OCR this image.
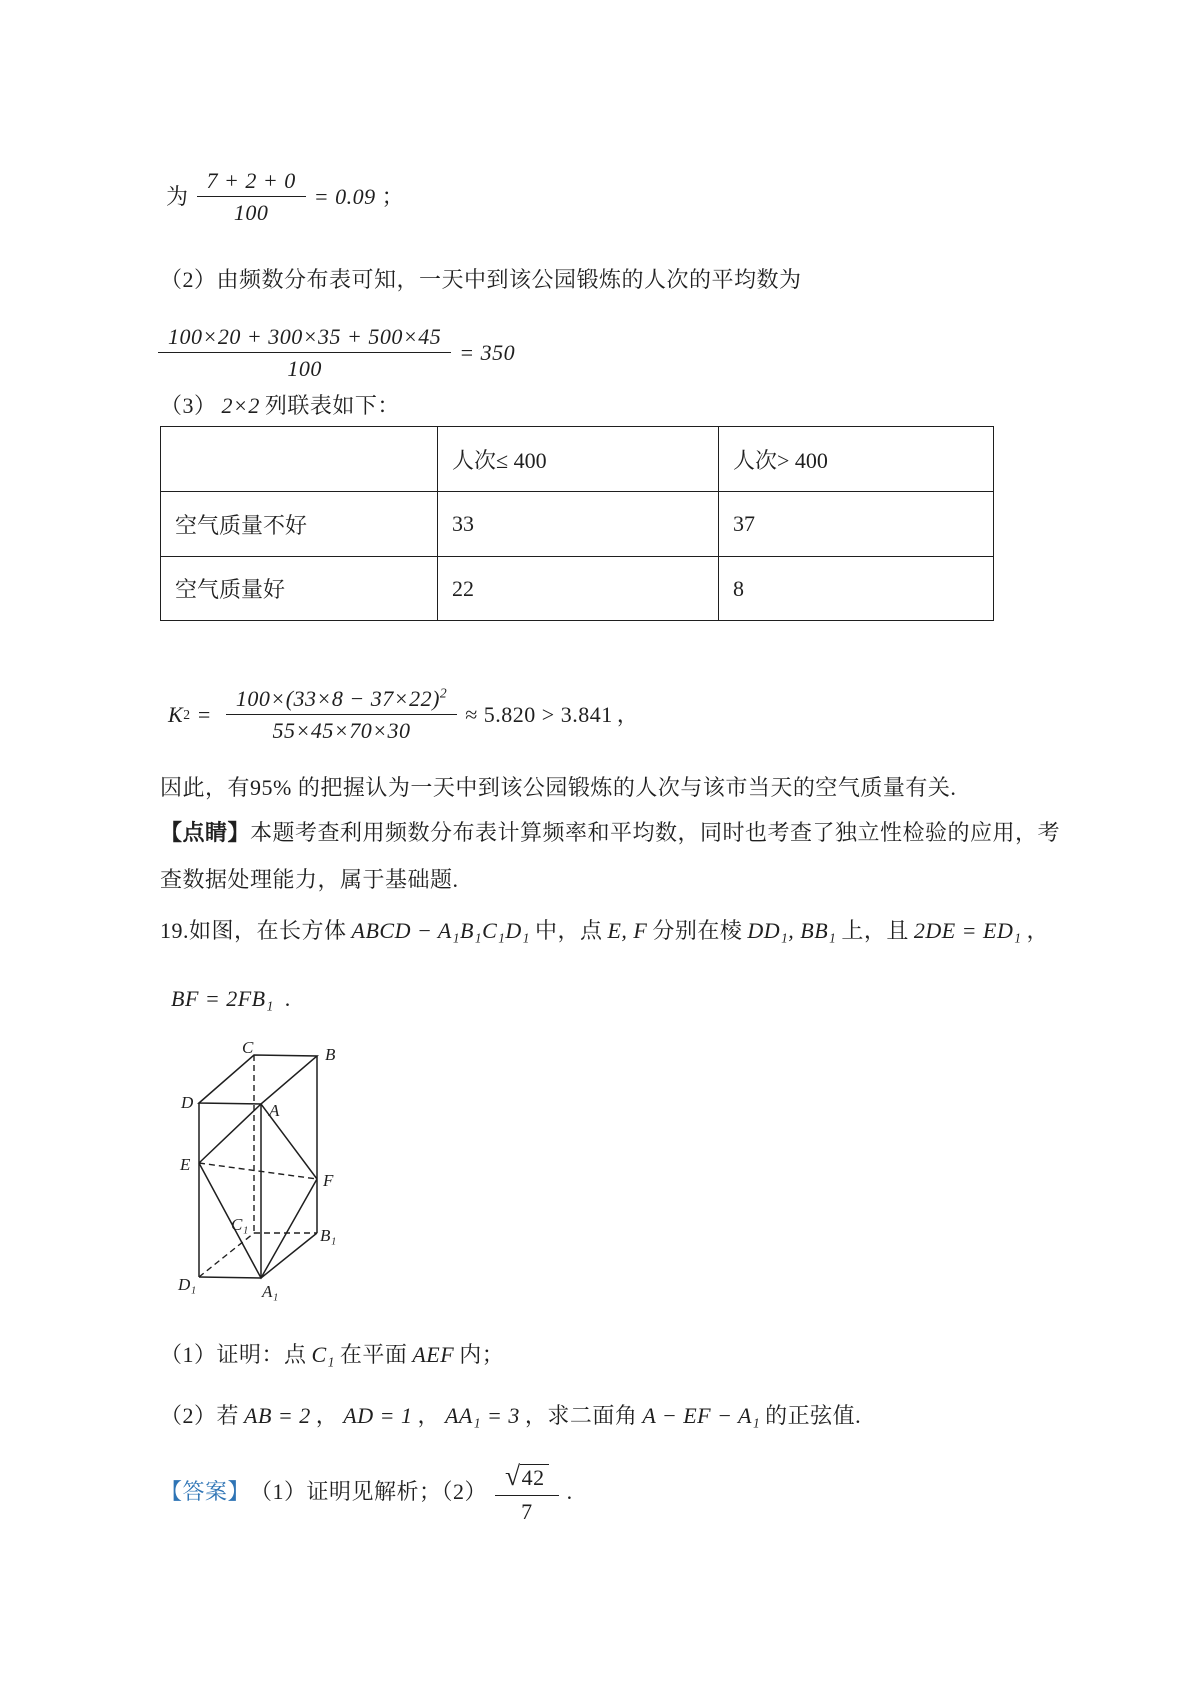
为 $\frac{7 + 2 + 0}{100} = 0.09$ ；
（2）由频数分布表可知，一天中到该公园锻炼的人次的平均数为
$\frac{100\times 20 + 300\times 35 + 500\times 45}{100} = 350$
（3） 2×2 列联表如下：
	人次≤ 400	人次> 400
空气质量不好	33	37
空气质量好	22	8
K $2 = \frac{100\times(33\times 8 - 37\times 22)^2}{55\times 45\times 70\times 30} \approx 5.820 > 3.841$ ，
因此，有95% 的把握认为一天中到该公园锻炼的人次与该市当天的空气质量有关.
【点睛】本题考查利用频数分布表计算频率和平均数，同时也考查了独立性检验的应用，考
查数据处理能力，属于基础题.
19.如图，在长方体 ABCD − A₁B₁C₁D₁ 中，点 E, F 分别在棱 DD₁, BB₁ 上，且 2DE = ED₁ ，
BF = 2FB₁ .
C	B
D	A
E
F
C₁
B₁
D₁	A₁
（1）证明：点 C₁ 在平面 AEF 内；
（2）若 AB = 2 ， AD = 1 ， AA₁ = 3 ，求二面角 A − EF − A₁ 的正弦值.
【答案】 （1）证明见解析；$(2) \frac{√42}{7}$ .
